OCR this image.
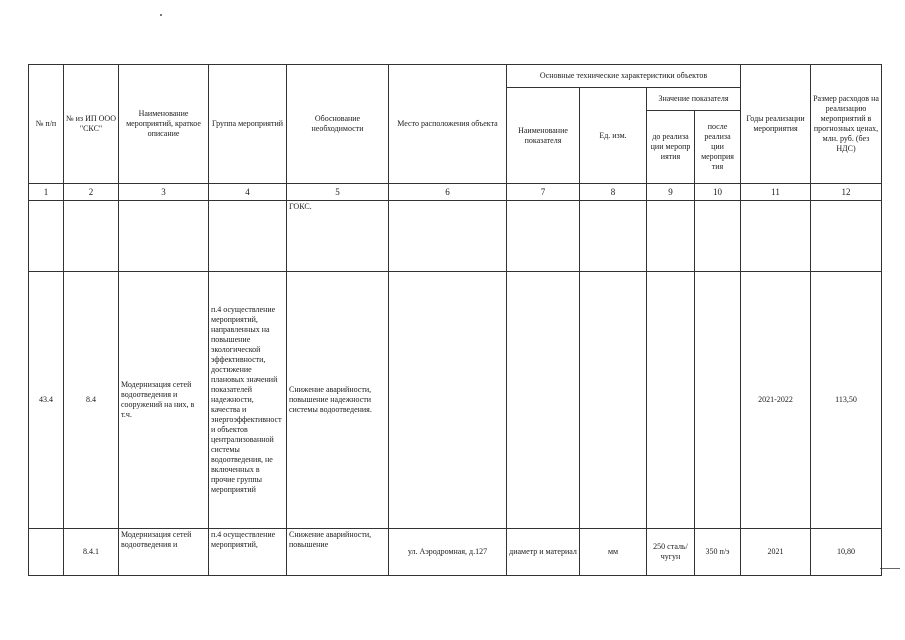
№ п/п	№ из ИП ООО "СКС"	Наименование мероприятий, краткое описание	Группа мероприятий	Обоснование необходимости	Место расположения объекта	Основные технические характеристики объектов				Годы реализации мероприятия	Размер расходов на реализацию мероприятий в прогнозных ценах, млн. руб. (без НДС)
						Наименование показателя	Ед. изм.	Значение показателя			
								до реализа ции меропр иятия	после реализа ции мероприя тия		
1	2	3	4	5	6	7	8	9	10	11	12
				ГОКС.							
43.4	8.4	Модернизация сетей водоотведения и сооружений на них, в т.ч.	п.4 осуществление мероприятий, направленных на повышение экологической эффективности, достижение плановых значений показателей надежности, качества и энергоэффективности объектов централизованной системы водоотведения, не включенных в прочие группы мероприятий	Снижение аварийности, повышение надежности системы водоотведения.						2021-2022	113,50
	8.4.1	Модернизация сетей водоотведения и	п.4 осуществление мероприятий,	Снижение аварийности, повышение	ул. Аэродромная, д.127	диаметр и материал	мм	250 сталь/чугун	350 п/э	2021	10,80
